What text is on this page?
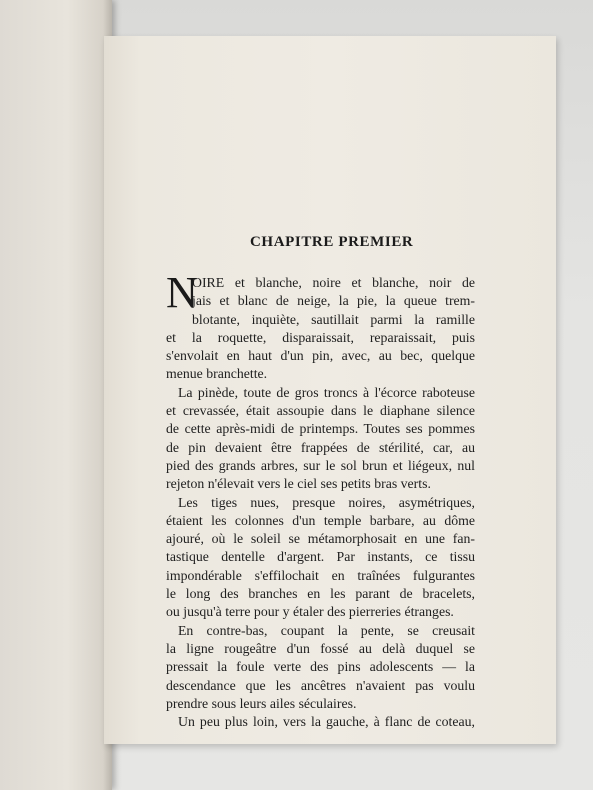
CHAPITRE PREMIER
N
OIRE et blanche, noire et blanche, noir de
jais et blanc de neige, la pie, la queue trem-
blotante, inquiète, sautillait parmi la ramille
et la roquette, disparaissait, reparaissait, puis
s'envolait en haut d'un pin, avec, au bec, quelque
menue branchette.
La pinède, toute de gros troncs à l'écorce raboteuse
et crevassée, était assoupie dans le diaphane silence
de cette après-midi de printemps. Toutes ses pommes
de pin devaient être frappées de stérilité, car, au
pied des grands arbres, sur le sol brun et liégeux, nul
rejeton n'élevait vers le ciel ses petits bras verts.
Les tiges nues, presque noires, asymétriques,
étaient les colonnes d'un temple barbare, au dôme
ajouré, où le soleil se métamorphosait en une fan-
tastique dentelle d'argent. Par instants, ce tissu
impondérable s'effilochait en traînées fulgurantes
le long des branches en les parant de bracelets,
ou jusqu'à terre pour y étaler des pierreries étranges.
En contre-bas, coupant la pente, se creusait
la ligne rougeâtre d'un fossé au delà duquel se
pressait la foule verte des pins adolescents — la
descendance que les ancêtres n'avaient pas voulu
prendre sous leurs ailes séculaires.
Un peu plus loin, vers la gauche, à flanc de coteau,
